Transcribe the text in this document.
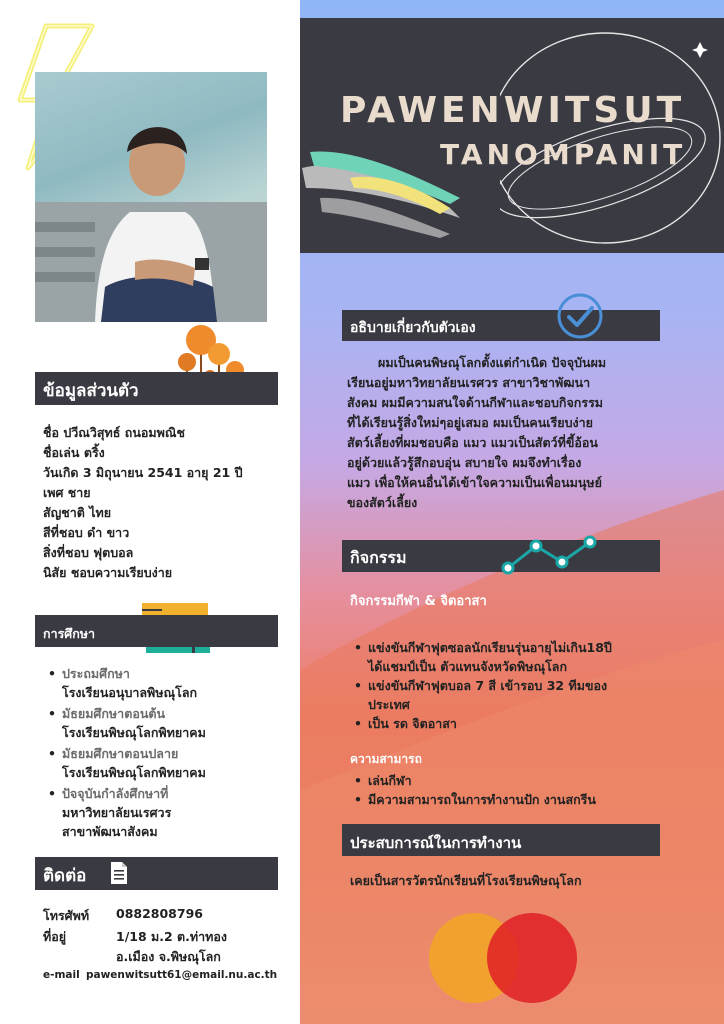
ข้อมูลส่วนตัว
ชื่อ ปวีณวิสุทธ์ ถนอมพณิช
ชื่อเล่น ตริ้ง
วันเกิด 3 มิถุนายน 2541 อายุ 21 ปี
เพศ ชาย
สัญชาติ ไทย
สีที่ชอบ ดำ ขาว
สิ่งที่ชอบ ฟุตบอล
นิสัย ชอบความเรียบง่าย
การศึกษา
• ประถมศึกษา
โรงเรียนอนุบาลพิษณุโลก
• มัธยมศึกษาตอนต้น
โรงเรียนพิษณุโลกพิทยาคม
• มัธยมศึกษาตอนปลาย
โรงเรียนพิษณุโลกพิทยาคม
• ปัจจุบันกำลังศึกษาที่
มหาวิทยาลัยนเรศวร
สาขาพัฒนาสังคม
ติดต่อ
โทรศัพท์ 0882808796
ที่อยู่	1/18 ม.2 ต.ท่าทอง
อ.เมือง จ.พิษณุโลก
e-mail pawenwitsutt61@email.nu.ac.th
PAWENWITSUT
TANOMPANIT
อธิบายเกี่ยวกับตัวเอง
ผมเป็นคนพิษณุโลกตั้งแต่กำเนิด ปัจจุบันผม
เรียนอยู่มหาวิทยาลัยนเรศวร สาขาวิชาพัฒนา
สังคม ผมมีความสนใจด้านกีฬาและชอบกิจกรรม
ที่ได้เรียนรู้สิ่งใหม่ๆอยู่เสมอ ผมเป็นคนเรียบง่าย
สัตว์เลี้ยงที่ผมชอบคือ แมว แมวเป็นสัตว์ที่ขี้อ้อน
อยู่ด้วยแล้วรู้สึกอบอุ่น สบายใจ ผมจึงทำเรื่อง
แมว เพื่อให้คนอื่นได้เข้าใจความเป็นเพื่อนมนุษย์
ของสัตว์เลี้ยง
กิจกรรม
กิจกรรมกีฬา & จิตอาสา
• แข่งขันกีฬาฟุตซอลนักเรียนรุ่นอายุไม่เกิน18ปี
ได้แชมป์เป็น ตัวแทนจังหวัดพิษณุโลก
• แข่งขันกีฬาฟุตบอล 7 สี เข้ารอบ 32 ทีมของ
ประเทศ
• เป็น รด จิตอาสา
ความสามารถ
• เล่นกีฬา
• มีความสามารถในการทำงานปัก งานสกรีน
ประสบการณ์ในการทำงาน
เคยเป็นสารวัตรนักเรียนที่โรงเรียนพิษณุโลก
